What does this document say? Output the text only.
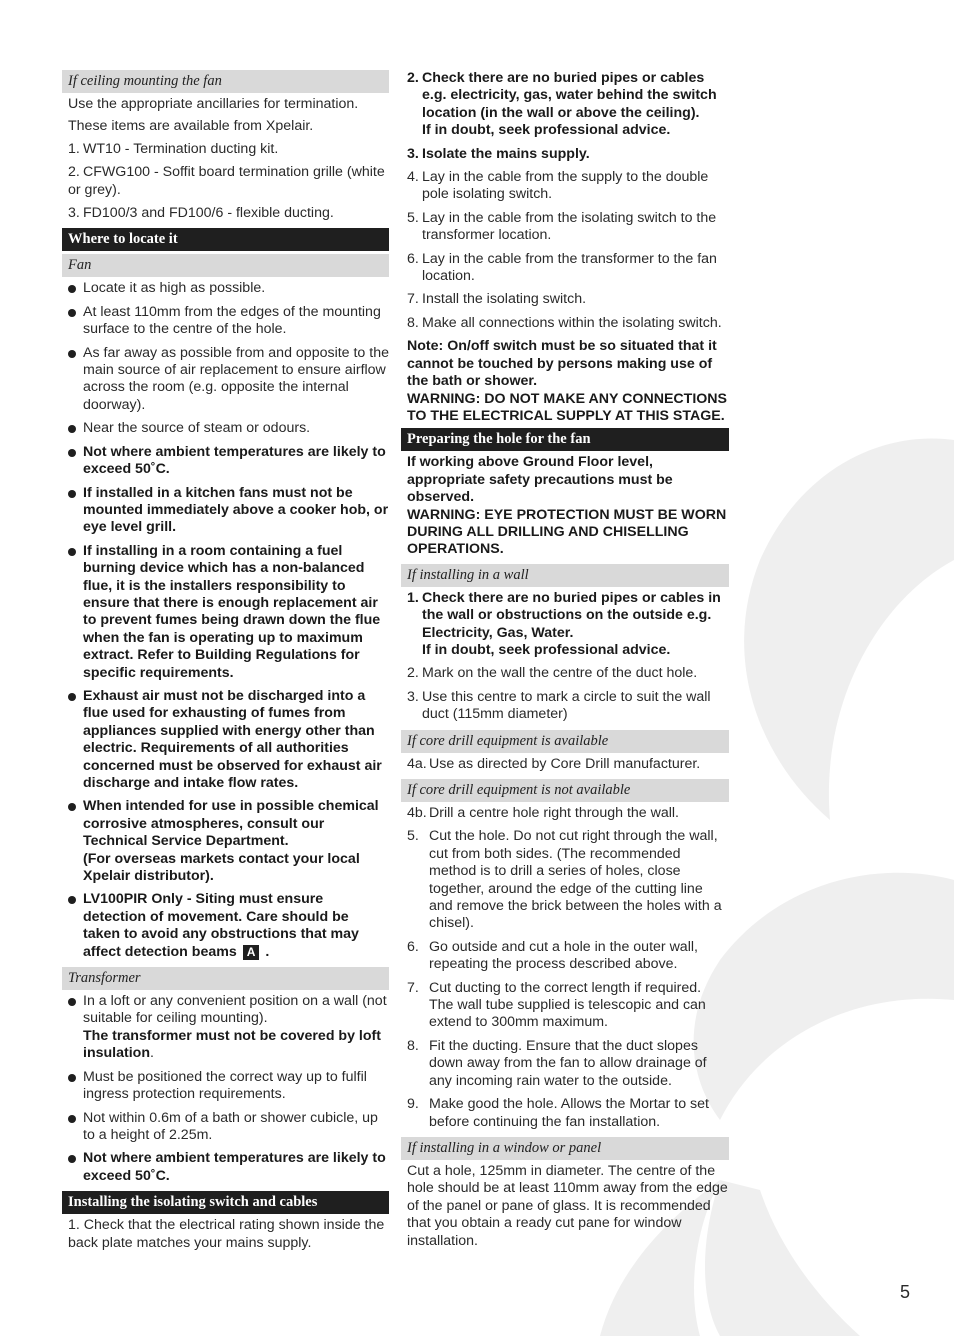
If ceiling mounting the fan
Use the appropriate ancillaries for termination.
These items are available from Xpelair.
1. WT10 - Termination ducting kit.
2. CFWG100 - Soffit board termination grille (white or grey).
3. FD100/3 and FD100/6 - flexible ducting.
Where to locate it
Fan
Locate it as high as possible.
At least 110mm from the edges of the mounting surface to the centre of the hole.
As far away as possible from and opposite to the main source of air replacement to ensure airflow across the room (e.g. opposite the internal doorway).
Near the source of steam or odours.
Not where ambient temperatures are likely to exceed 50˚C.
If installed in a kitchen fans must not be mounted immediately above a cooker hob, or eye level grill.
If installing in a room containing a fuel burning device which has a non-balanced flue, it is the installers responsibility to ensure that there is enough replacement air to prevent fumes being drawn down the flue when the fan is operating up to maximum extract. Refer to Building Regulations for specific requirements.
Exhaust air must not be discharged into a flue used for exhausting of fumes from appliances supplied with energy other than electric. Requirements of all authorities concerned must be observed for exhaust air discharge and intake flow rates.
When intended for use in possible chemical corrosive atmospheres, consult our Technical Service Department.
(For overseas markets contact your local Xpelair distributor).
LV100PIR Only - Siting must ensure detection of movement. Care should be taken to avoid any obstructions that may affect detection beams A .
Transformer
In a loft or any convenient position on a wall (not suitable for ceiling mounting).
The transformer must not be covered by loft insulation.
Must be positioned the correct way up to fulfil ingress protection requirements.
Not within 0.6m of a bath or shower cubicle, up to a height of 2.25m.
Not where ambient temperatures are likely to exceed 50˚C.
Installing the isolating switch and cables
1. Check that the electrical rating shown inside the back plate matches your mains supply.
2. Check there are no buried pipes or cables e.g. electricity, gas, water behind the switch location (in the wall or above the ceiling).
If in doubt, seek professional advice.
3. Isolate the mains supply.
4. Lay in the cable from the supply to the double pole isolating switch.
5. Lay in the cable from the isolating switch to the transformer location.
6. Lay in the cable from the transformer to the fan location.
7. Install the isolating switch.
8. Make all connections within the isolating switch.
Note: On/off switch must be so situated that it cannot be touched by persons making use of the bath or shower.
WARNING: DO NOT MAKE ANY CONNECTIONS TO THE ELECTRICAL SUPPLY AT THIS STAGE.
Preparing the hole for the fan
If working above Ground Floor level, appropriate safety precautions must be observed.
WARNING: EYE PROTECTION MUST BE WORN DURING ALL DRILLING AND CHISELLING OPERATIONS.
If installing in a wall
1. Check there are no buried pipes or cables in the wall or obstructions on the outside e.g. Electricity, Gas, Water.
If in doubt, seek professional advice.
2. Mark on the wall the centre of the duct hole.
3. Use this centre to mark a circle to suit the wall duct (115mm diameter)
If core drill equipment is available
4a. Use as directed by Core Drill manufacturer.
If core drill equipment is not available
4b. Drill a centre hole right through the wall.
5. Cut the hole. Do not cut right through the wall, cut from both sides. (The recommended method is to drill a series of holes, close together, around the edge of the cutting line and remove the brick between the holes with a chisel).
6. Go outside and cut a hole in the outer wall, repeating the process described above.
7. Cut ducting to the correct length if required. The wall tube supplied is telescopic and can extend to 300mm maximum.
8. Fit the ducting. Ensure that the duct slopes down away from the fan to allow drainage of any incoming rain water to the outside.
9. Make good the hole. Allows the Mortar to set before continuing the fan installation.
If installing in a window or panel
Cut a hole, 125mm in diameter. The centre of the hole should be at least 110mm away from the edge of the panel or pane of glass. It is recommended that you obtain a ready cut pane for window installation.
5
